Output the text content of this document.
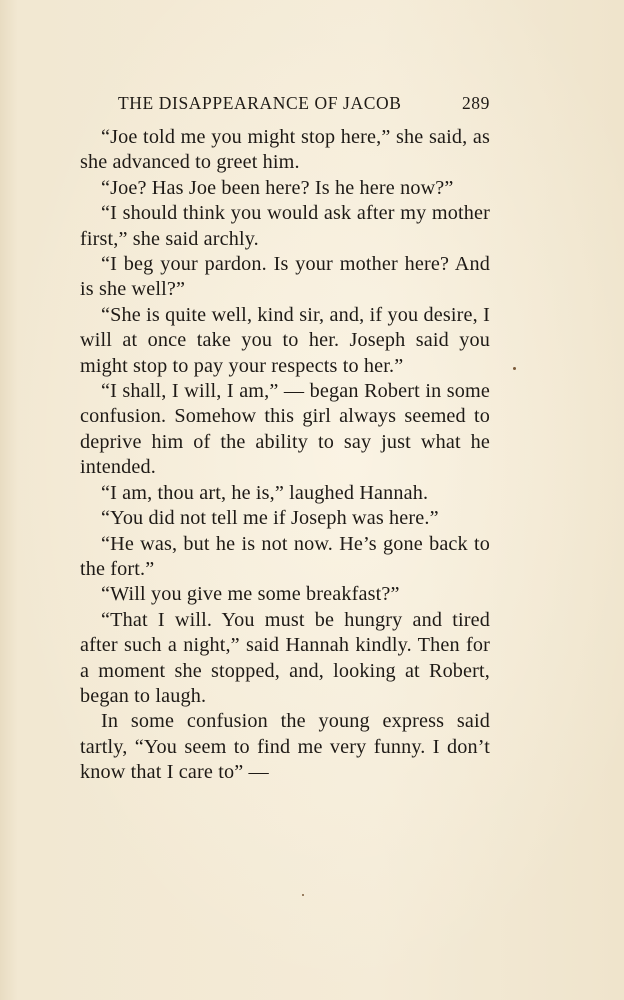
THE DISAPPEARANCE OF JACOB	289

“Joe told me you might stop here,” she said, as she advanced to greet him.

“Joe? Has Joe been here? Is he here now?”

“I should think you would ask after my mother first,” she said archly.

“I beg your pardon. Is your mother here? And is she well?”

“She is quite well, kind sir, and, if you desire, I will at once take you to her. Joseph said you might stop to pay your respects to her.”

“I shall, I will, I am,” — began Robert in some confusion. Somehow this girl always seemed to deprive him of the ability to say just what he intended.

“I am, thou art, he is,” laughed Hannah.

“You did not tell me if Joseph was here.”

“He was, but he is not now. He’s gone back to the fort.”

“Will you give me some breakfast?”

“That I will. You must be hungry and tired after such a night,” said Hannah kindly. Then for a moment she stopped, and, looking at Robert, began to laugh.

In some confusion the young express said tartly, “You seem to find me very funny. I don’t know that I care to” —
